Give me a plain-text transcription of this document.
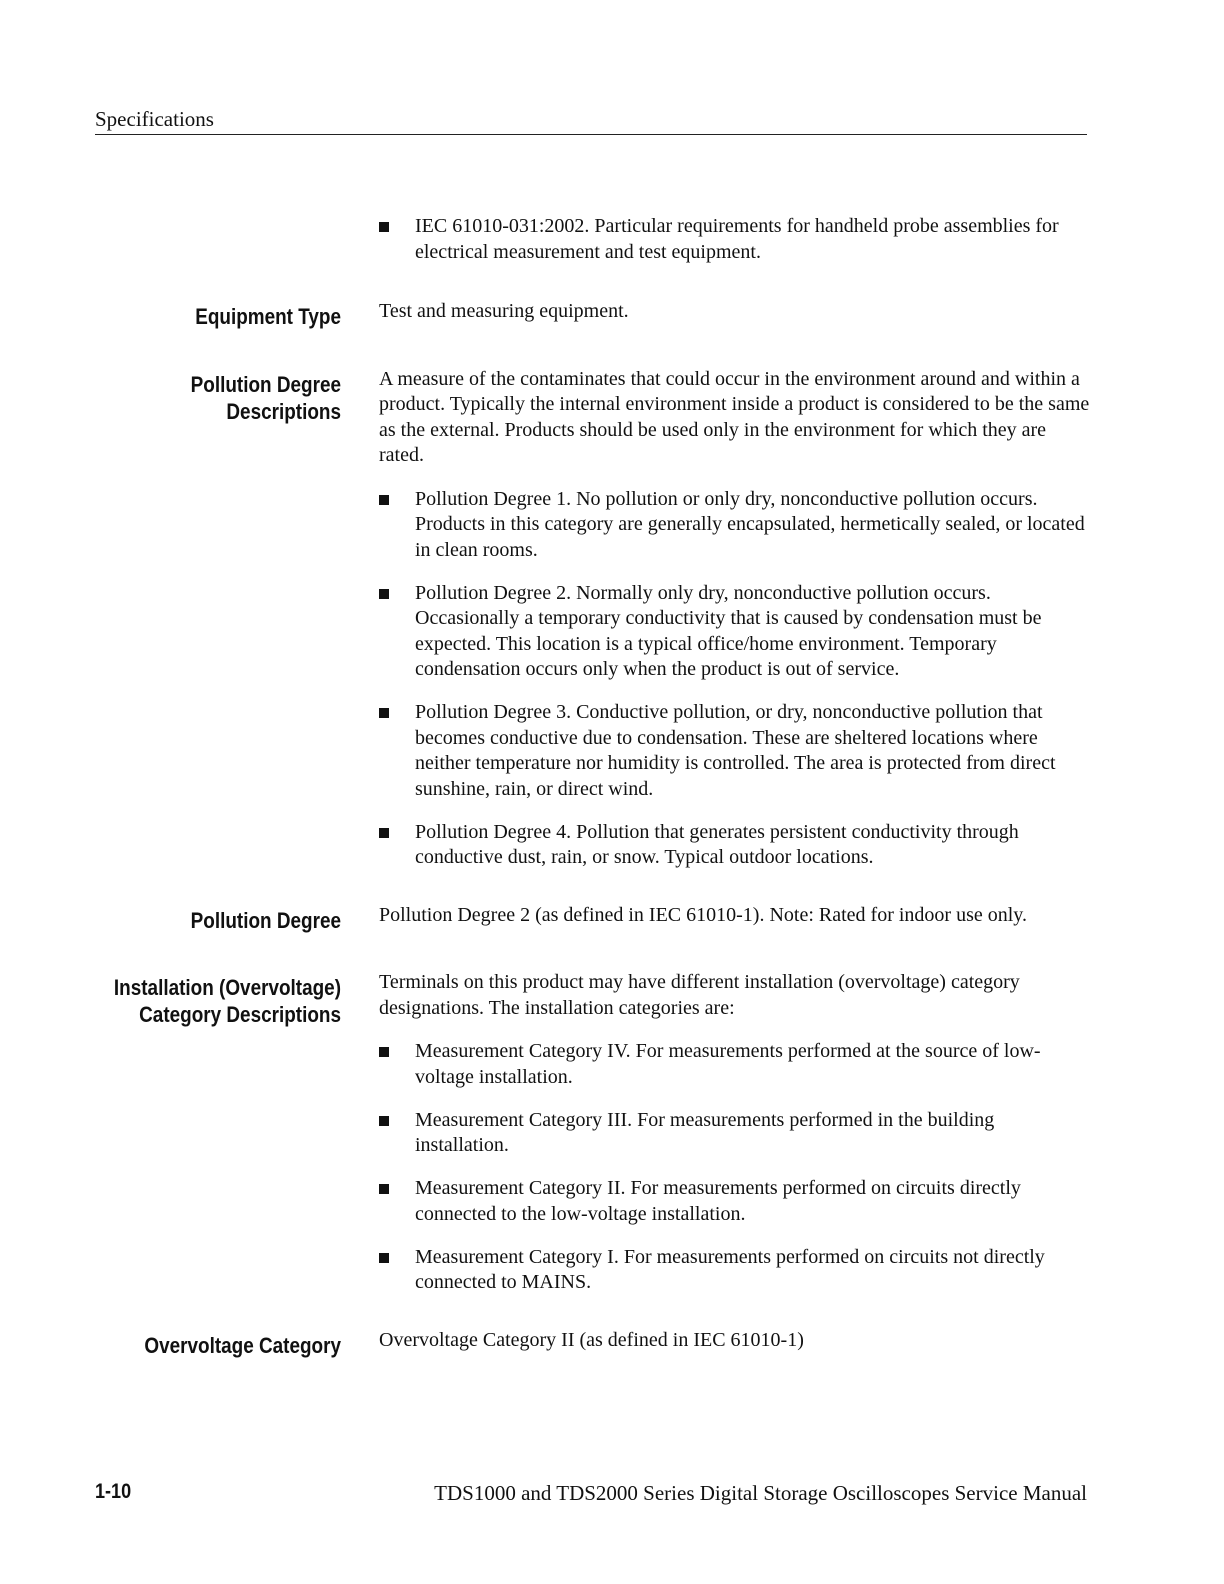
Specifications
IEC 61010-031:2002. Particular requirements for handheld probe assemblies for electrical measurement and test equipment.
Equipment Type Test and measuring equipment.

Pollution Degree
Descriptions

A measure of the contaminates that could occur in the environment around and within a product. Typically the internal environment inside a product is considered to be the same as the external. Products should be used only in the environment for which they are rated.

Pollution Degree 1. No pollution or only dry, nonconductive pollution occurs. Products in this category are generally encapsulated, hermetically sealed, or located in clean rooms.
Pollution Degree 2. Normally only dry, nonconductive pollution occurs. Occasionally a temporary conductivity that is caused by condensation must be expected. This location is a typical office/home environment. Temporary condensation occurs only when the product is out of service.
Pollution Degree 3. Conductive pollution, or dry, nonconductive pollution that becomes conductive due to condensation. These are sheltered locations where neither temperature nor humidity is controlled. The area is protected from direct sunshine, rain, or direct wind.
Pollution Degree 4. Pollution that generates persistent conductivity through conductive dust, rain, or snow. Typical outdoor locations.
Pollution Degree Pollution Degree 2 (as defined in IEC 61010-1). Note: Rated for indoor use only.

Installation (Overvoltage)
Category Descriptions

Terminals on this product may have different installation (overvoltage) category designations. The installation categories are:

Measurement Category IV. For measurements performed at the source of low-voltage installation.
Measurement Category III. For measurements performed in the building installation.
Measurement Category II. For measurements performed on circuits directly connected to the low-voltage installation.
Measurement Category I. For measurements performed on circuits not directly connected to MAINS.
Overvoltage Category Overvoltage Category II (as defined in IEC 61010-1)

1-10	TDS1000 and TDS2000 Series Digital Storage Oscilloscopes Service Manual
